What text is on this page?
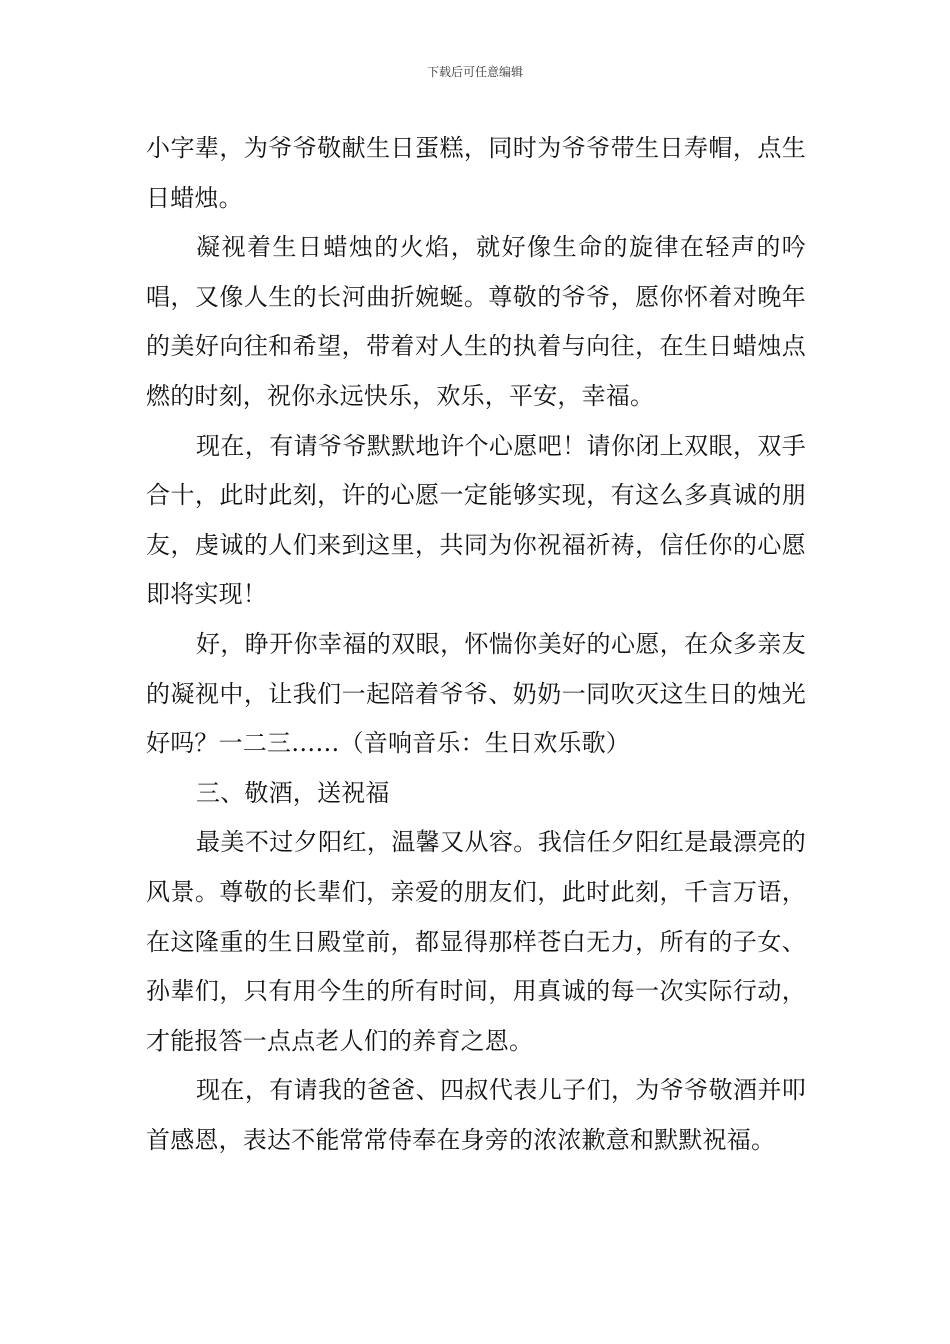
下载后可任意编辑

小字辈，为爷爷敬献生日蛋糕，同时为爷爷带生日寿帽，点生日蜡烛。

凝视着生日蜡烛的火焰，就好像生命的旋律在轻声的吟唱，又像人生的长河曲折婉蜒。尊敬的爷爷，愿你怀着对晚年的美好向往和希望，带着对人生的执着与向往，在生日蜡烛点燃的时刻，祝你永远快乐，欢乐，平安，幸福。

现在，有请爷爷默默地许个心愿吧！请你闭上双眼，双手合十，此时此刻，许的心愿一定能够实现，有这么多真诚的朋友，虔诚的人们来到这里，共同为你祝福祈祷，信任你的心愿即将实现！

好，睁开你幸福的双眼，怀惴你美好的心愿，在众多亲友的凝视中，让我们一起陪着爷爷、奶奶一同吹灭这生日的烛光好吗？一二三……（音响音乐：生日欢乐歌）

三、敬酒，送祝福

最美不过夕阳红，温馨又从容。我信任夕阳红是最漂亮的风景。尊敬的长辈们，亲爱的朋友们，此时此刻，千言万语，在这隆重的生日殿堂前，都显得那样苍白无力，所有的子女、孙辈们，只有用今生的所有时间，用真诚的每一次实际行动，才能报答一点点老人们的养育之恩。

现在，有请我的爸爸、四叔代表儿子们，为爷爷敬酒并叩首感恩，表达不能常常侍奉在身旁的浓浓歉意和默默祝福。
